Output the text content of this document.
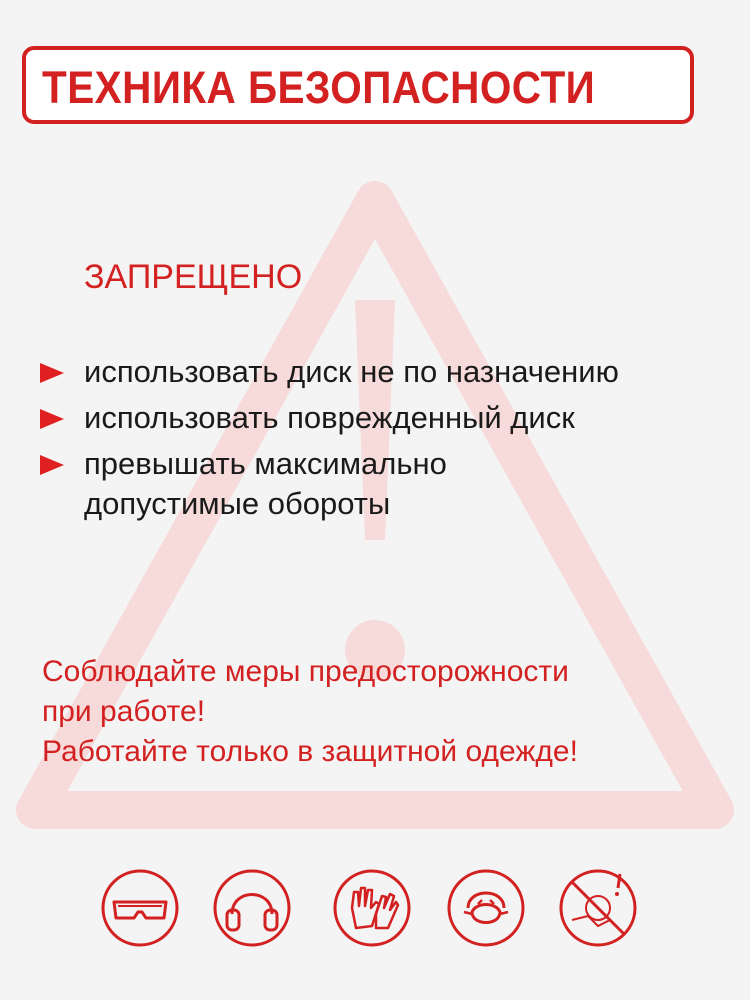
ТЕХНИКА БЕЗОПАСНОСТИ
ЗАПРЕЩЕНО
использовать диск не по назначению
использовать поврежденный диск
превышать максимально допустимые обороты

Соблюдайте меры предосторожности

при работе!

Работайте только в защитной одежде!
